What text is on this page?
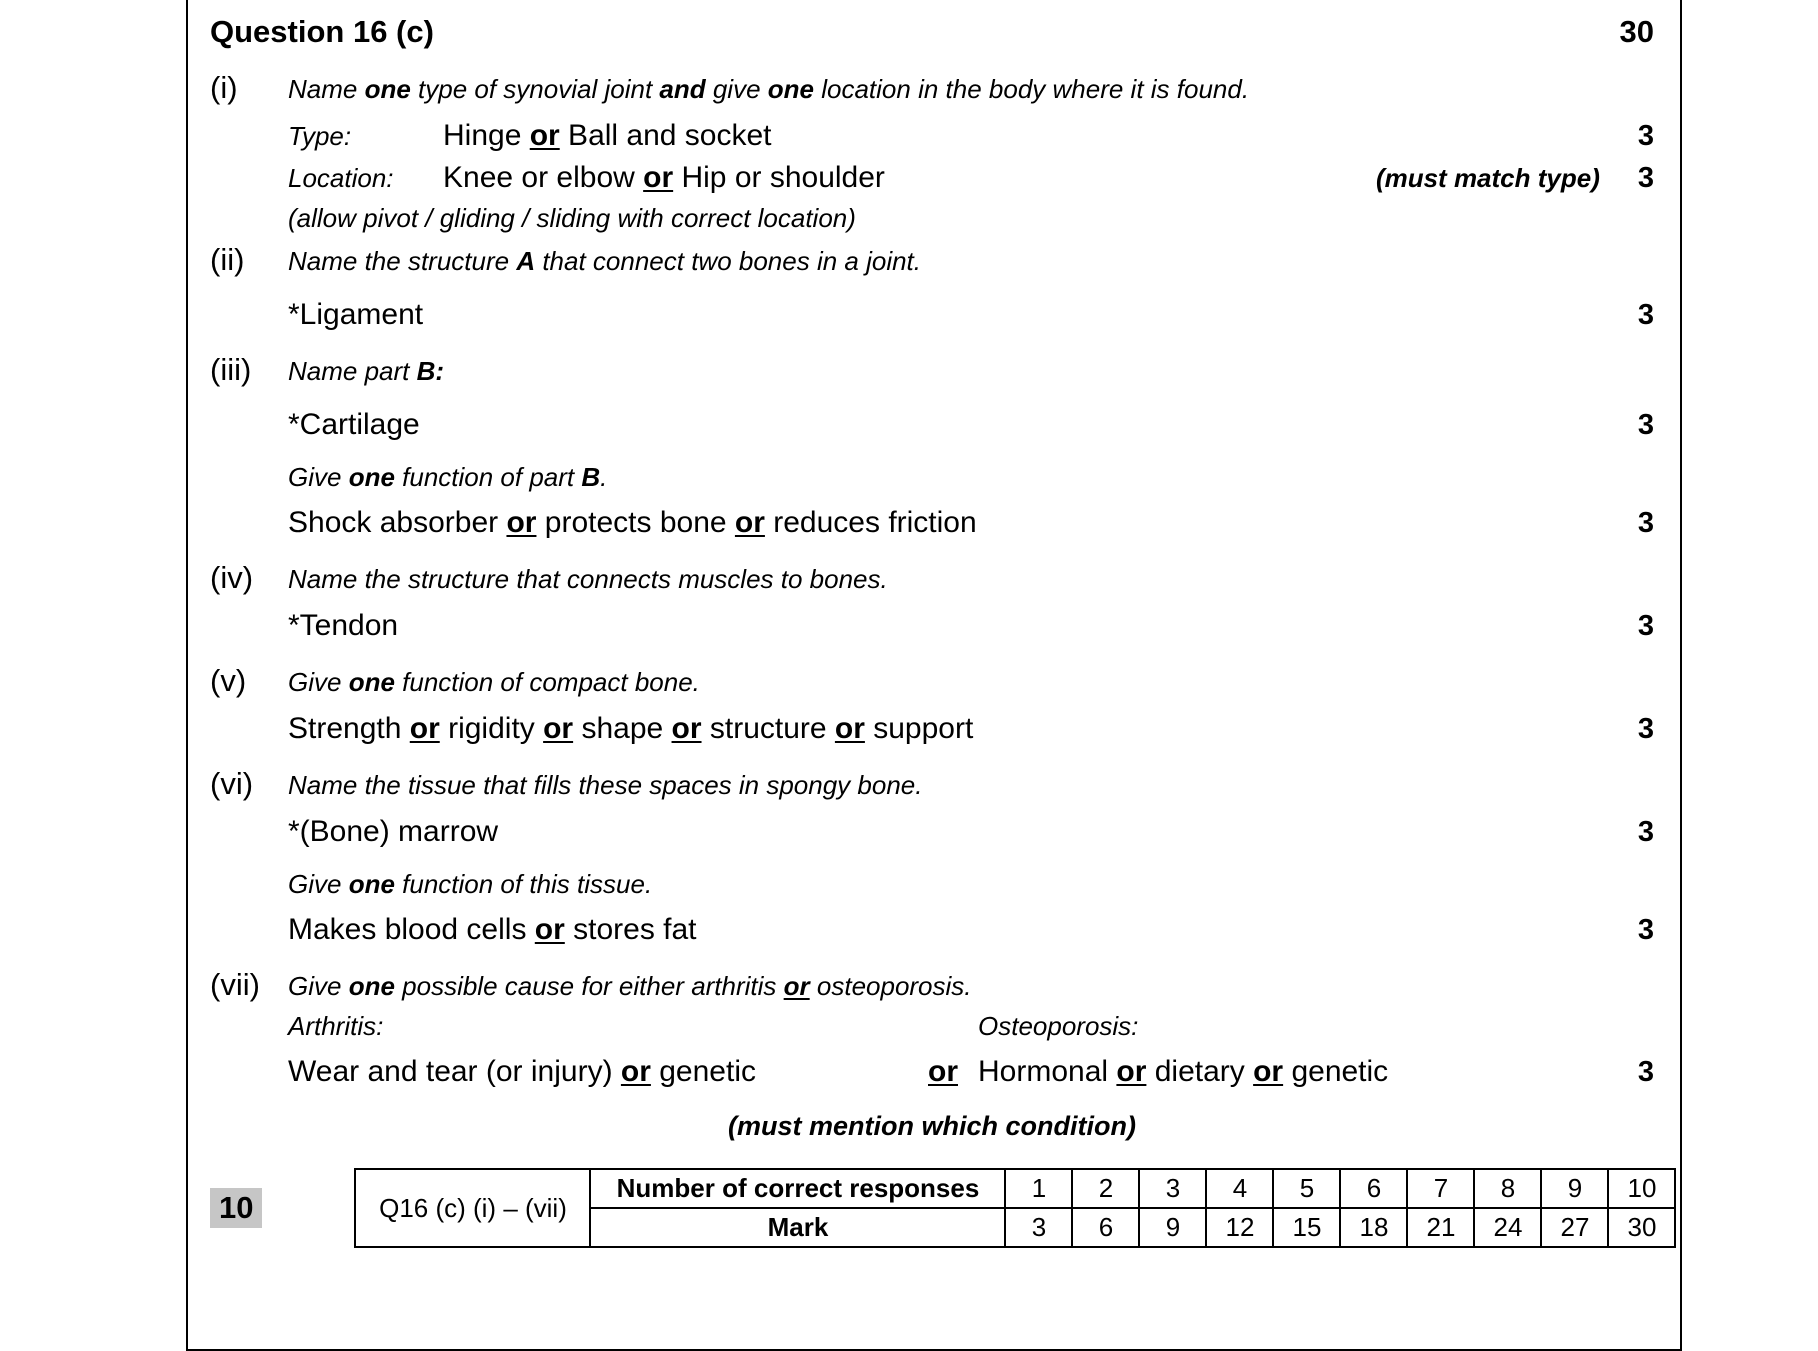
Question 16 (c)	30
(i)	Name one type of synovial joint and give one location in the body where it is found.
Type:	Hinge or Ball and socket	3
Location:	Knee or elbow or Hip or shoulder	(must match type) 3
(allow pivot / gliding / sliding with correct location)
(ii)	Name the structure A that connect two bones in a joint.
*Ligament	3
(iii)	Name part B:
*Cartilage	3
Give one function of part B.
Shock absorber or protects bone or reduces friction	3
(iv)	Name the structure that connects muscles to bones.
*Tendon	3
(v)	Give one function of compact bone.
Strength or rigidity or shape or structure or support	3
(vi)	Name the tissue that fills these spaces in spongy bone.
*(Bone) marrow	3
Give one function of this tissue.
Makes blood cells or stores fat	3
(vii)	Give one possible cause for either arthritis or osteoporosis.
Arthritis:	Osteoporosis:
Wear and tear (or injury) or genetic	or Hormonal or dietary or genetic	3
(must mention which condition)
10	Q16 (c) (i) – (vii)	Number of correct responses	1	2	3	4	5	6	7	8	9	10
	Mark	3	6	9	12	15	18	21	24	27	30
